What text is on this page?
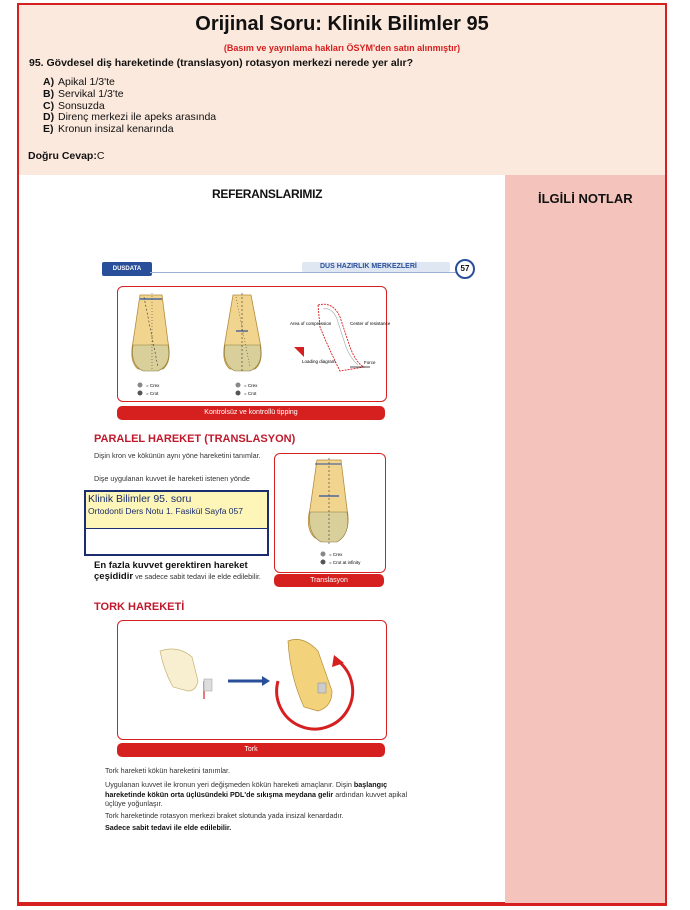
Orijinal Soru: Klinik Bilimler 95
(Basım ve yayınlama hakları ÖSYM'den satın alınmıştır)
95. Gövdesel diş hareketinde (translasyon) rotasyon merkezi nerede yer alır?
A) Apikal 1/3'te
B) Servikal 1/3'te
C) Sonsuzda
D) Direnç merkezi ile apeks arasında
E) Kronun insizal kenarında
Doğru Cevap:C
REFERANSLARIMIZ	İLGİLİ NOTLAR
DUSDATA	DUS HAZIRLIK MERKEZLERİ	57
= Crex
= Crot
= Crex
= Crot
Area of compression	Center of resistance
Loading diagram	Force
Kontrolsüz ve kontrollü tipping
PARALEL HAREKET (TRANSLASYON)
Dişin kron ve kökünün aynı yöne hareketini tanımlar.
Dişe uygulanan kuvvet ile hareketi istenen yönde
En fazla kuvvet gerektiren hareket çeşididir ve sadece sabit tedavi ile elde edilebilir.
= Crex
= Crot at infinity
Translasyon
TORK HAREKETİ
Tork
Tork hareketi kökün hareketini tanımlar.
Uygulanan kuvvet ile kronun yeri değişmeden kökün hareketi amaçlanır. Dişin başlangıç hareketinde kökün orta üçlüsündeki PDL'de sıkışma meydana gelir ardından kuvvet apikal üçlüye yoğunlaşır.
Tork hareketinde rotasyon merkezi braket slotunda yada insizal kenardadır.
Sadece sabit tedavi ile elde edilebilir.
Klinik Bilimler 95. soru
Ortodonti Ders Notu 1. Fasikül Sayfa 057
